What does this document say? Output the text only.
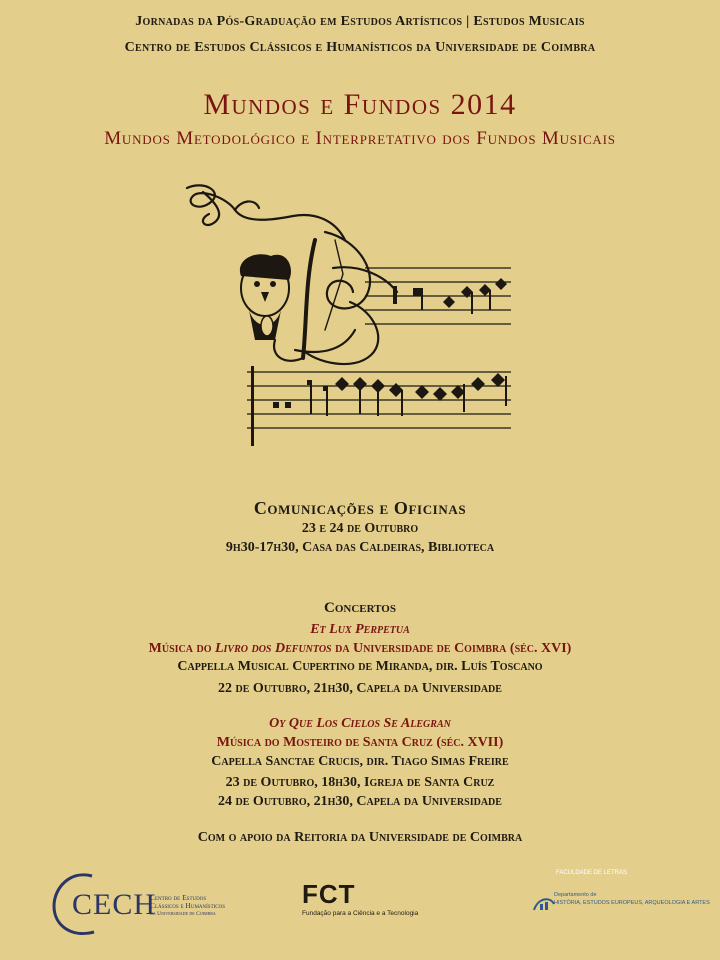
Jornadas da Pós-Graduação em Estudos Artísticos | Estudos Musicais
Centro de Estudos Clássicos e Humanísticos da Universidade de Coimbra
Mundos e Fundos 2014
Mundos Metodológico e Interpretativo dos Fundos Musicais
Comunicações e Oficinas
23 e 24 de Outubro
9h30-17h30, Casa das Caldeiras, Biblioteca
Concertos
Et Lux Perpetua
Música do Livro dos Defuntos da Universidade de Coimbra (séc. XVI)
Cappella Musical Cupertino de Miranda, dir. Luís Toscano
22 de Outubro, 21h30, Capela da Universidade
Oy Que Los Cielos Se Alegran
Música do Mosteiro de Santa Cruz (séc. XVII)
Capella Sanctae Crucis, dir. Tiago Simas Freire
23 de Outubro, 18h30, Igreja de Santa Cruz
24 de Outubro, 21h30, Capela da Universidade
Com o apoio da Reitoria da Universidade de Coimbra
CECH
Centro de Estudos
Clássicos e Humanísticos
da Universidade de Coimbra
FCT
Fundação para a Ciência e a Tecnologia
FACULDADE DE LETRAS
Departamento de
HISTÓRIA, ESTUDOS EUROPEUS, ARQUEOLOGIA E ARTES
